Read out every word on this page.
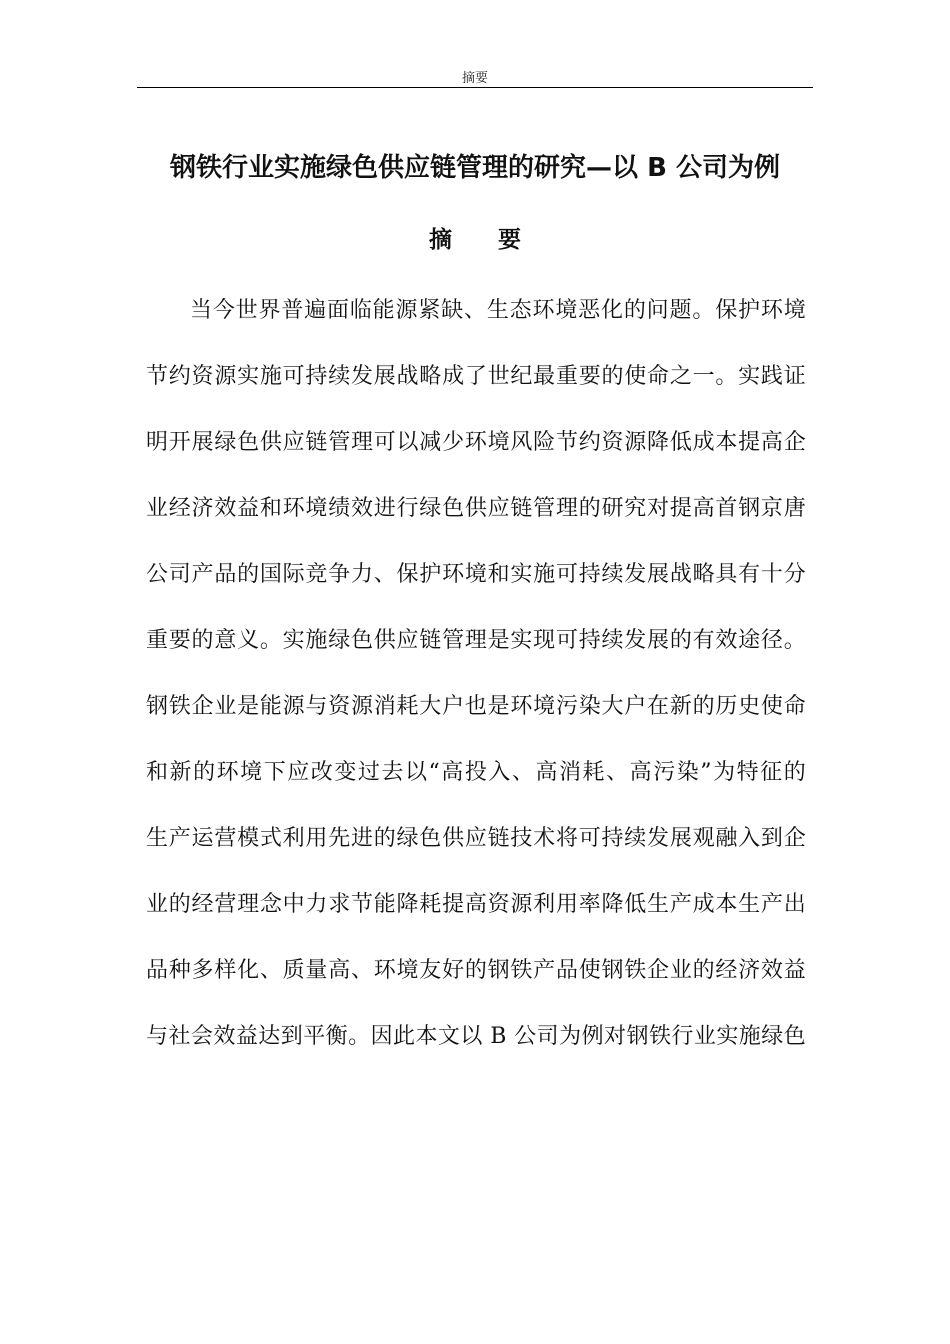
摘要
钢铁行业实施绿色供应链管理的研究—以 B 公司为例
摘　　要
当今世界普遍面临能源紧缺、生态环境恶化的问题。保护环境
节约资源实施可持续发展战略成了世纪最重要的使命之一。实践证
明开展绿色供应链管理可以减少环境风险节约资源降低成本提高企
业经济效益和环境绩效进行绿色供应链管理的研究对提高首钢京唐
公司产品的国际竞争力、保护环境和实施可持续发展战略具有十分
重要的意义。实施绿色供应链管理是实现可持续发展的有效途径。
钢铁企业是能源与资源消耗大户也是环境污染大户在新的历史使命
和新的环境下应改变过去以“高投入、高消耗、高污染”为特征的
生产运营模式利用先进的绿色供应链技术将可持续发展观融入到企
业的经营理念中力求节能降耗提高资源利用率降低生产成本生产出
品种多样化、质量高、环境友好的钢铁产品使钢铁企业的经济效益
与社会效益达到平衡。因此本文以 B 公司为例对钢铁行业实施绿色
